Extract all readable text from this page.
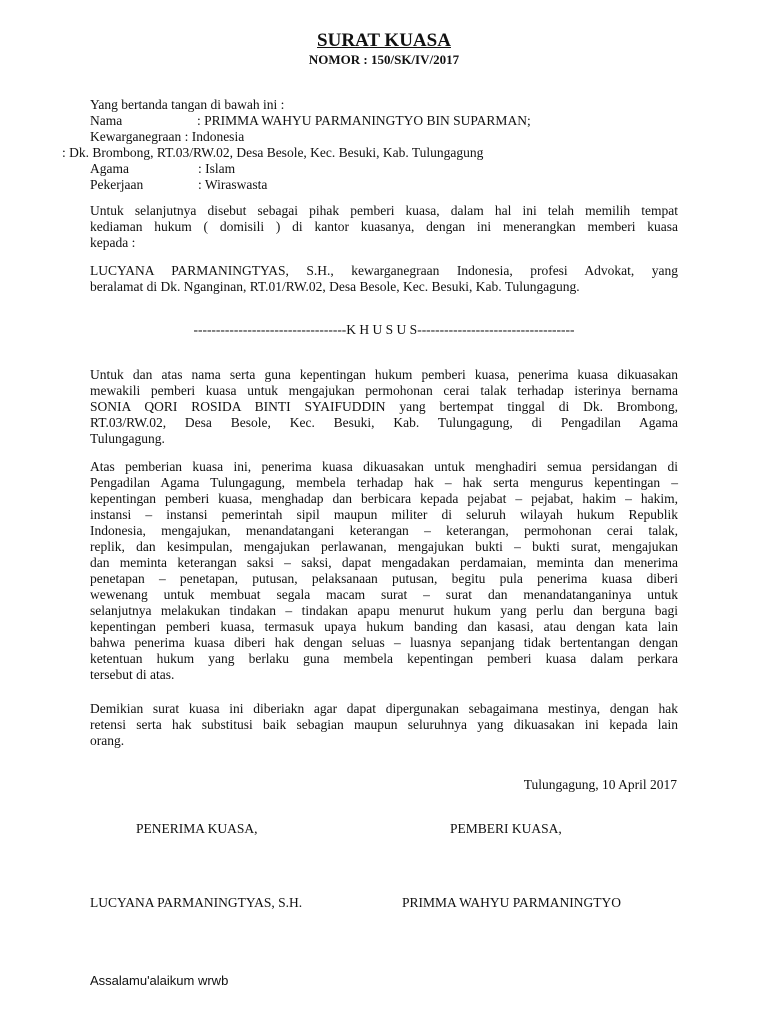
SURAT KUASA
NOMOR : 150/SK/IV/2017
Yang bertanda tangan di bawah ini :
Nama	: PRIMMA WAHYU PARMANINGTYO BIN SUPARMAN;
Kewarganegraan : Indonesia
: Dk. Brombong, RT.03/RW.02, Desa Besole, Kec. Besuki, Kab. Tulungagung
Agama	: Islam
Pekerjaan	: Wiraswasta
Untuk selanjutnya disebut sebagai pihak pemberi kuasa, dalam hal ini telah memilih tempat
kediaman hukum ( domisili ) di kantor kuasanya, dengan ini menerangkan memberi kuasa
kepada :
LUCYANA PARMANINGTYAS, S.H., kewarganegraan Indonesia, profesi Advokat, yang
beralamat di Dk. Nganginan, RT.01/RW.02, Desa Besole, Kec. Besuki, Kab. Tulungagung.
----------------------------------K H U S U S-----------------------------------
Untuk dan atas nama serta guna kepentingan hukum pemberi kuasa, penerima kuasa dikuasakan
mewakili pemberi kuasa untuk mengajukan permohonan cerai talak terhadap isterinya bernama
SONIA QORI ROSIDA BINTI SYAIFUDDIN yang bertempat tinggal di Dk. Brombong,
RT.03/RW.02, Desa Besole, Kec. Besuki, Kab. Tulungagung, di Pengadilan Agama
Tulungagung.
Atas pemberian kuasa ini, penerima kuasa dikuasakan untuk menghadiri semua persidangan di
Pengadilan Agama Tulungagung, membela terhadap hak – hak serta mengurus kepentingan –
kepentingan pemberi kuasa, menghadap dan berbicara kepada pejabat – pejabat, hakim – hakim,
instansi – instansi pemerintah sipil maupun militer di seluruh wilayah hukum Republik
Indonesia, mengajukan, menandatangani keterangan – keterangan, permohonan cerai talak,
replik, dan kesimpulan, mengajukan perlawanan, mengajukan bukti – bukti surat, mengajukan
dan meminta keterangan saksi – saksi, dapat mengadakan perdamaian, meminta dan menerima
penetapan – penetapan, putusan, pelaksanaan putusan, begitu pula penerima kuasa diberi
wewenang untuk membuat segala macam surat – surat dan menandatanganinya untuk
selanjutnya melakukan tindakan – tindakan apapu menurut hukum yang perlu dan berguna bagi
kepentingan pemberi kuasa, termasuk upaya hukum banding dan kasasi, atau dengan kata lain
bahwa penerima kuasa diberi hak dengan seluas – luasnya sepanjang tidak bertentangan dengan
ketentuan hukum yang berlaku guna membela kepentingan pemberi kuasa dalam perkara
tersebut di atas.
Demikian surat kuasa ini diberiakn agar dapat dipergunakan sebagaimana mestinya, dengan hak
retensi serta hak substitusi baik sebagian maupun seluruhnya yang dikuasakan ini kepada lain
orang.
Tulungagung, 10 April 2017
PENERIMA KUASA,	PEMBERI KUASA,
LUCYANA PARMANINGTYAS, S.H.	PRIMMA WAHYU PARMANINGTYO
Assalamu'alaikum wrwb
